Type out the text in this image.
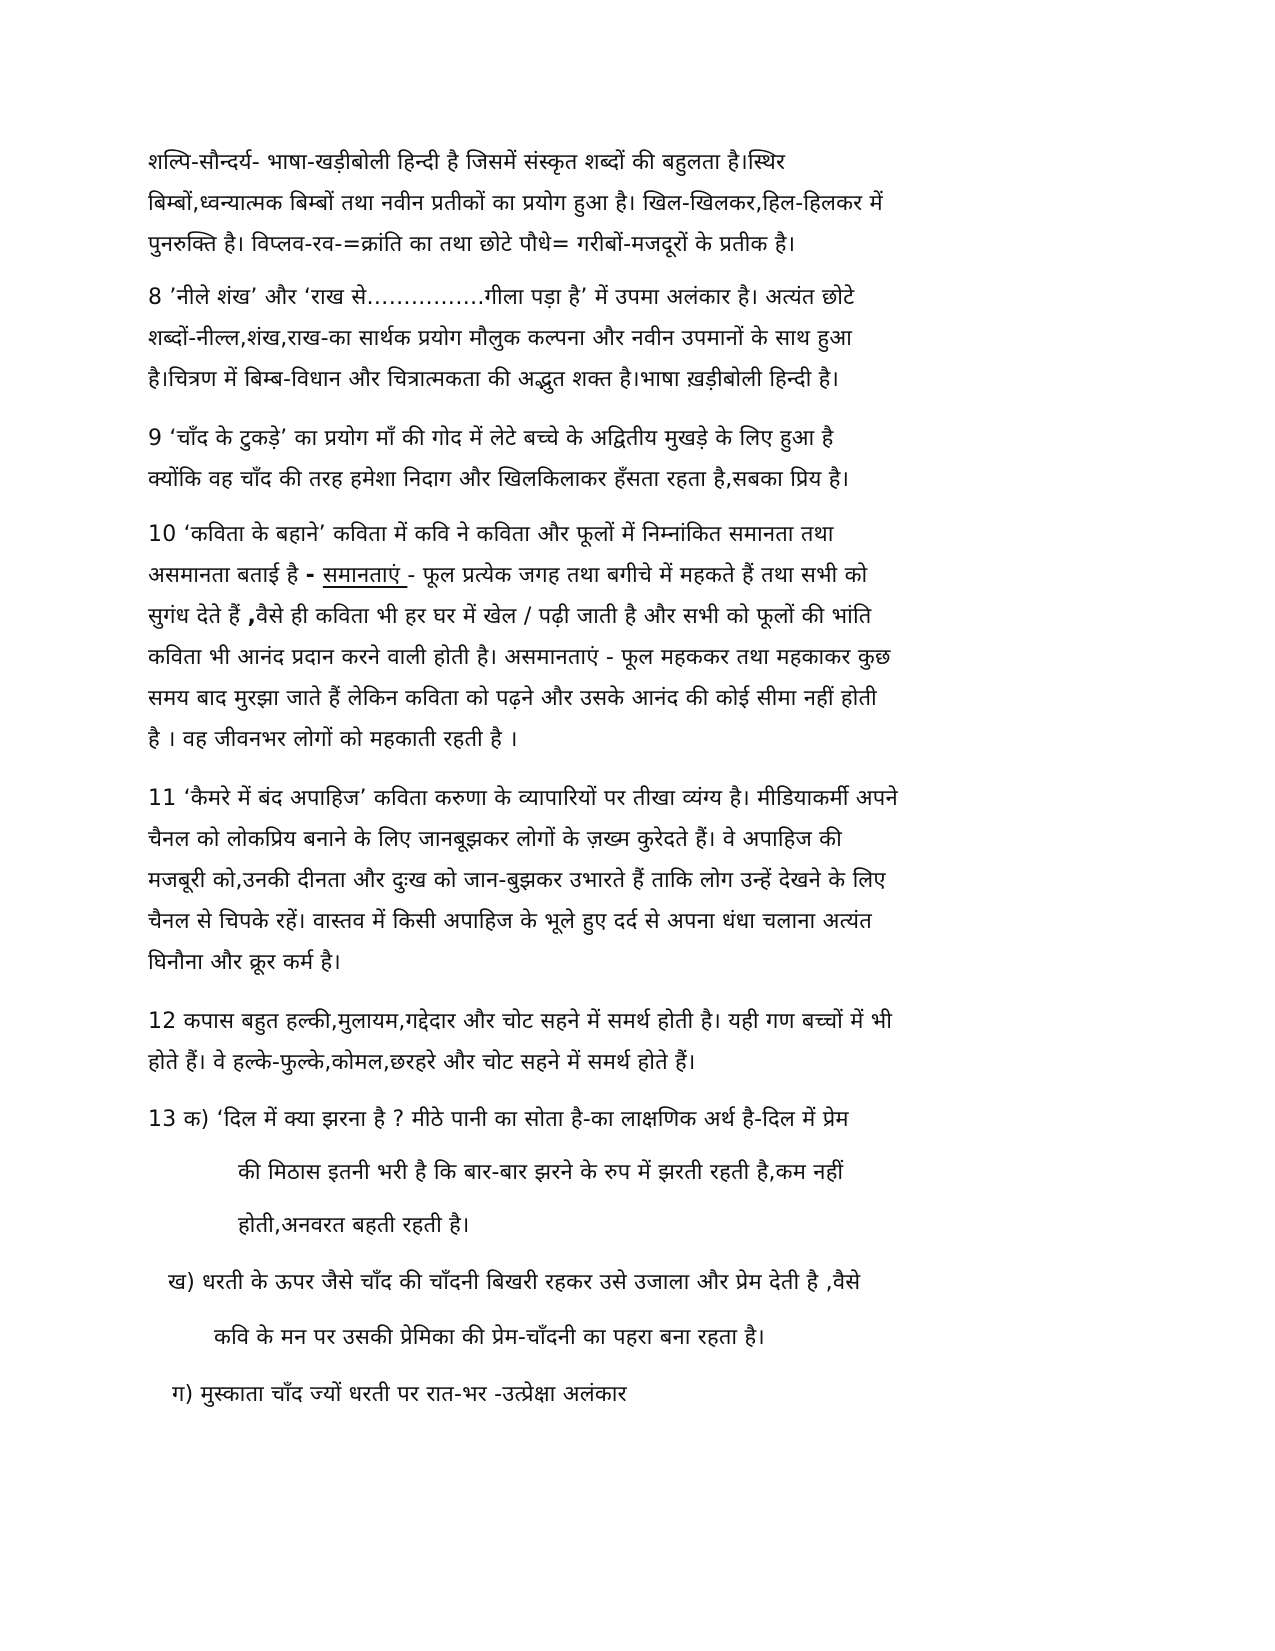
शल्पि-सौन्दर्य- भाषा-खड़ीबोली हिन्दी है जिसमें संस्कृत शब्दों की बहुलता है।स्थिर
बिम्बों,ध्वन्यात्मक बिम्बों तथा नवीन प्रतीकों का प्रयोग हुआ है। खिल-खिलकर,हिल-हिलकर में
पुनरुक्ति है। विप्लव-रव-=क्रांति का तथा छोटे पौधे= गरीबों-मजदूरों के प्रतीक है।
8 ’नीले शंख’ और ‘राख से…………….गीला पड़ा है’ में उपमा अलंकार है। अत्यंत छोटे
शब्दों-नील्ल,शंख,राख-का सार्थक प्रयोग मौलुक कल्पना और नवीन उपमानों के साथ हुआ
है।चित्रण में बिम्ब-विधान और चित्रात्मकता की अद्भुत शक्त है।भाषा ख़ड़ीबोली हिन्दी है।
9 ‘चाँद के टुकड़े’ का प्रयोग माँ की गोद में लेटे बच्चे के अद्वितीय मुखड़े के लिए हुआ है
क्योंकि वह चाँद की तरह हमेशा निदाग और खिलकिलाकर हँसता रहता है,सबका प्रिय है।
10 ‘कविता के बहाने’ कविता में कवि ने कविता और फूलों में निम्नांकित समानता तथा
असमानता बताई है - समानताएं - फूल प्रत्येक जगह तथा बगीचे में महकते हैं तथा सभी को
सुगंध देते हैं ,वैसे ही कविता भी हर घर में खेल / पढ़ी जाती है और सभी को फूलों की भांति
कविता भी आनंद प्रदान करने वाली होती है। असमानताएं - फूल महककर तथा महकाकर कुछ
समय बाद मुरझा जाते हैं लेकिन कविता को पढ़ने और उसके आनंद की कोई सीमा नहीं होती
है । वह जीवनभर लोगों को महकाती रहती है ।
11 ‘कैमरे में बंद अपाहिज’ कविता करुणा के व्यापारियों पर तीखा व्यंग्य है। मीडियाकर्मी अपने
चैनल को लोकप्रिय बनाने के लिए जानबूझकर लोगों के ज़ख्म कुरेदते हैं। वे अपाहिज की
मजबूरी को,उनकी दीनता और दुःख को जान-बुझकर उभारते हैं ताकि लोग उन्हें देखने के लिए
चैनल से चिपके रहें। वास्तव में किसी अपाहिज के भूले हुए दर्द से अपना धंधा चलाना अत्यंत
घिनौना और क्रूर कर्म है।
12 कपास बहुत हल्की,मुलायम,गद्देदार और चोट सहने में समर्थ होती है। यही गण बच्चों में भी
होते हैं। वे हल्के-फुल्के,कोमल,छरहरे और चोट सहने में समर्थ होते हैं।
13 क) ‘दिल में क्या झरना है ? मीठे पानी का सोता है-का लाक्षणिक अर्थ है-दिल में प्रेम
की मिठास इतनी भरी है कि बार-बार झरने के रुप में झरती रहती है,कम नहीं
होती,अनवरत बहती रहती है।
ख) धरती के ऊपर जैसे चाँद की चाँदनी बिखरी रहकर उसे उजाला और प्रेम देती है ,वैसे
कवि के मन पर उसकी प्रेमिका की प्रेम-चाँदनी का पहरा बना रहता है।
ग) मुस्काता चाँद ज्यों धरती पर रात-भर -उत्प्रेक्षा अलंकार
